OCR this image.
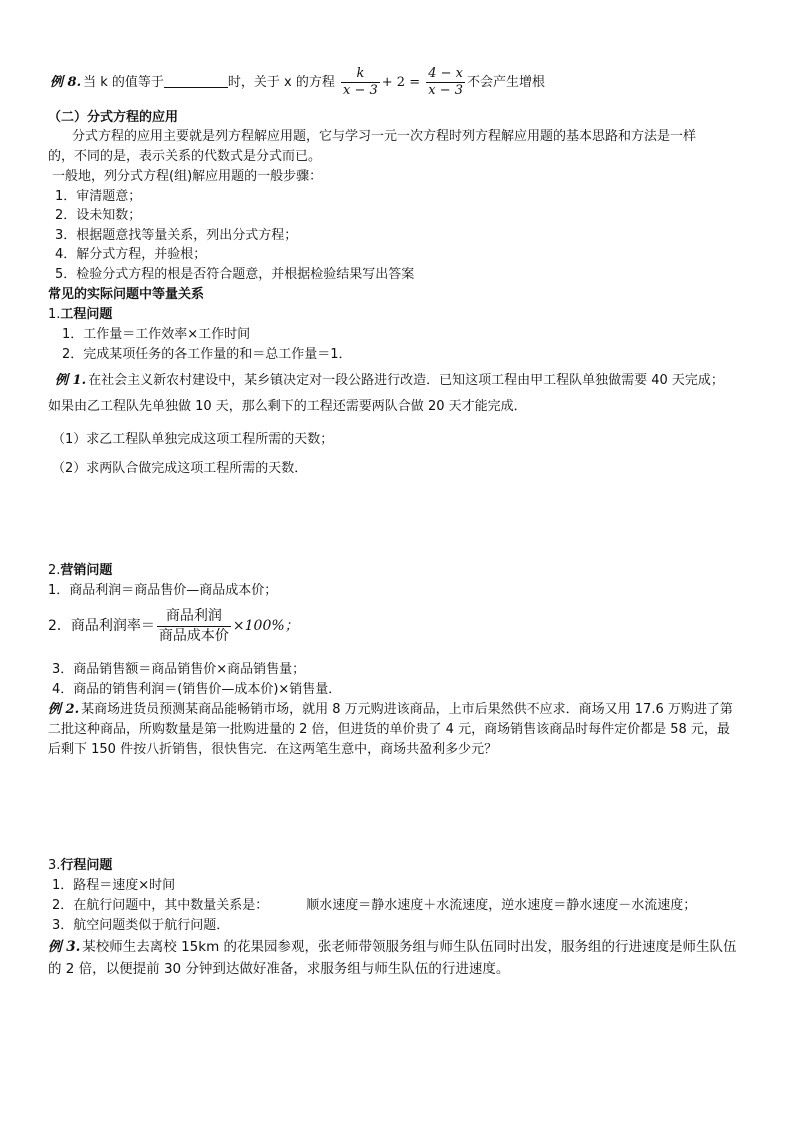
例 8. 当 k 的值等于	时，关于 x 的方程 $\frac{k}{x - 3} + 2 = \frac{4 - x}{x - 3}$ 不会产生增根
（二）分式方程的应用
分式方程的应用主要就是列方程解应用题，它与学习一元一次方程时列方程解应用题的基本思路和方法是一样
的，不同的是，表示关系的代数式是分式而已。
一般地，列分式方程(组)解应用题的一般步骤：
1．审清题意；
2．设未知数；
3．根据题意找等量关系，列出分式方程；
4．解分式方程，并验根；
5．检验分式方程的根是否符合题意，并根据检验结果写出答案
常见的实际问题中等量关系
1.工程问题
1．工作量＝工作效率×工作时间
2．完成某项任务的各工作量的和＝总工作量＝1．
例 1. 在社会主义新农村建设中，某乡镇决定对一段公路进行改造．已知这项工程由甲工程队单独做需要 40 天完成；
如果由乙工程队先单独做 10 天，那么剩下的工程还需要两队合做 20 天才能完成．
（1）求乙工程队单独完成这项工程所需的天数；
（2）求两队合做完成这项工程所需的天数．
2.营销问题
1．商品利润＝商品售价—商品成本价；
2．商品利润率＝ $\frac{\text{商品利润}}{\text{商品成本价}} \times 100\%$；
3．商品销售额＝商品销售价×商品销售量；
4．商品的销售利润＝(销售价—成本价)×销售量．
例 2. 某商场进货员预测某商品能畅销市场，就用 8 万元购进该商品，上市后果然供不应求．商场又用 17.6 万购进了第
二批这种商品，所购数量是第一批购进量的 2 倍，但进货的单价贵了 4 元，商场销售该商品时每件定价都是 58 元，最
后剩下 150 件按八折销售，很快售完．在这两笔生意中，商场共盈利多少元？
3.行程问题
1．路程＝速度×时间
2．在航行问题中，其中数量关系是：	顺水速度＝静水速度＋水流速度，逆水速度＝静水速度－水流速度；
3．航空问题类似于航行问题．
例 3. 某校师生去离校 15km 的花果园参观，张老师带领服务组与师生队伍同时出发，服务组的行进速度是师生队伍
的 2 倍，以便提前 30 分钟到达做好准备，求服务组与师生队伍的行进速度。
